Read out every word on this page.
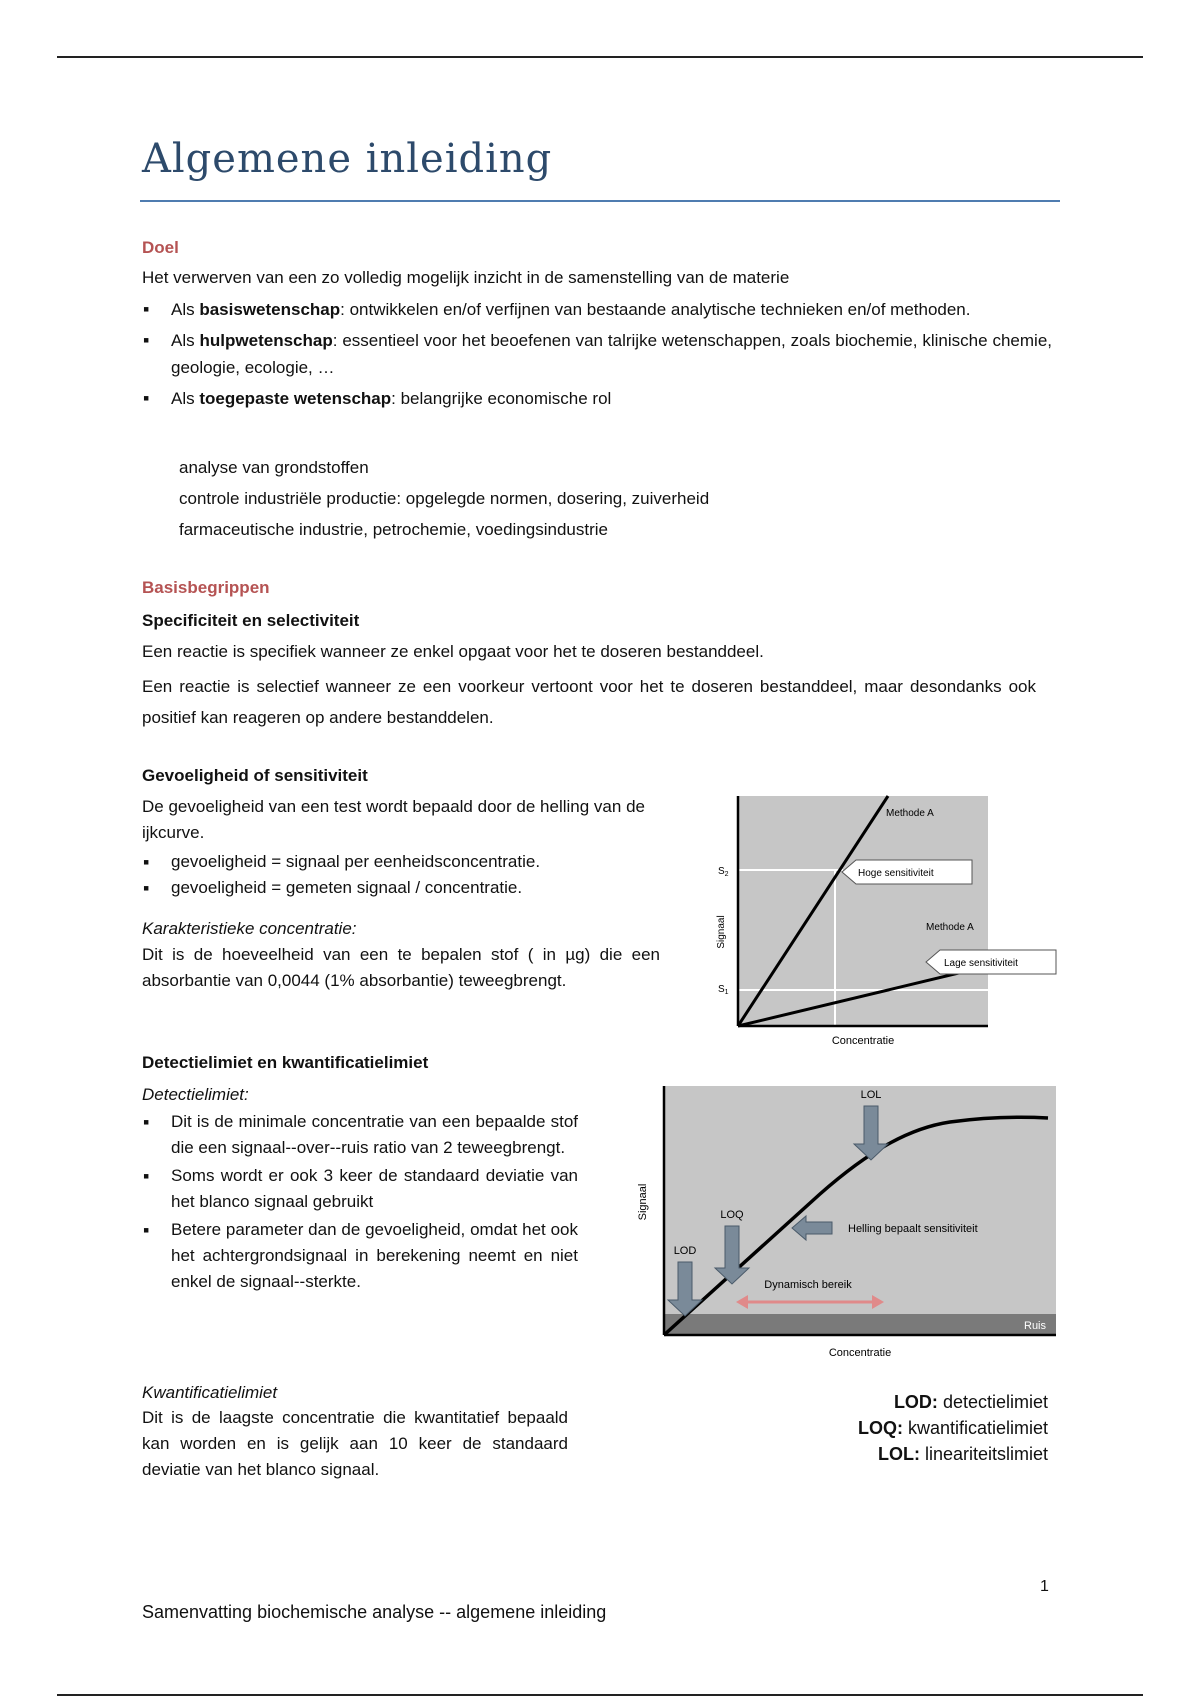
Algemene inleiding
Doel
Het verwerven van een zo volledig mogelijk inzicht in de samenstelling van de materie
▪ Als basiswetenschap: ontwikkelen en/of verfijnen van bestaande analytische technieken en/of methoden.
▪ Als hulpwetenschap: essentieel voor het beoefenen van talrijke wetenschappen, zoals biochemie, klinische chemie, geologie, ecologie, …
▪ Als toegepaste wetenschap: belangrijke economische rol
analyse van grondstoffen
controle industriële productie: opgelegde normen, dosering, zuiverheid
farmaceutische industrie, petrochemie, voedingsindustrie
Basisbegrippen
Specificiteit en selectiviteit
Een reactie is specifiek wanneer ze enkel opgaat voor het te doseren bestanddeel.
Een reactie is selectief wanneer ze een voorkeur vertoont voor het te doseren bestanddeel, maar desondanks ook positief kan reageren op andere bestanddelen.
Gevoeligheid of sensitiviteit
De gevoeligheid van een test wordt bepaald door de helling van de ijkcurve.
▪ gevoeligheid = signaal per eenheidsconcentratie.
▪ gevoeligheid = gemeten signaal / concentratie.
Karakteristieke concentratie:
Dit is de hoeveelheid van een te bepalen stof ( in µg) die een absorbantie van 0,0044 (1% absorbantie) teweegbrengt.
Methode A
Methode A
Hoge sensitiviteit
Lage sensitiviteit
$S_2$
$S_1$
Signaal
Concentratie
Detectielimiet en kwantificatielimiet
Detectielimiet:
▪ Dit is de minimale concentratie van een bepaalde stof die een signaal--over--ruis ratio van 2 teweegbrengt.
▪ Soms wordt er ook 3 keer de standaard deviatie van het blanco signaal gebruikt
▪ Betere parameter dan de gevoeligheid, omdat het ook het achtergrondsignaal in berekening neemt en niet enkel de signaal--sterkte.
Kwantificatielimiet
Dit is de laagste concentratie die kwantitatief bepaald kan worden en is gelijk aan 10 keer de standaard deviatie van het blanco signaal.
Ruis
LOL
LOQ
LOD
Helling bepaalt sensitiviteit
Dynamisch bereik
Signaal
Concentratie
LOD: detectielimiet
LOQ: kwantificatielimiet
LOL: lineariteitslimiet
1
Samenvatting biochemische analyse -- algemene inleiding
